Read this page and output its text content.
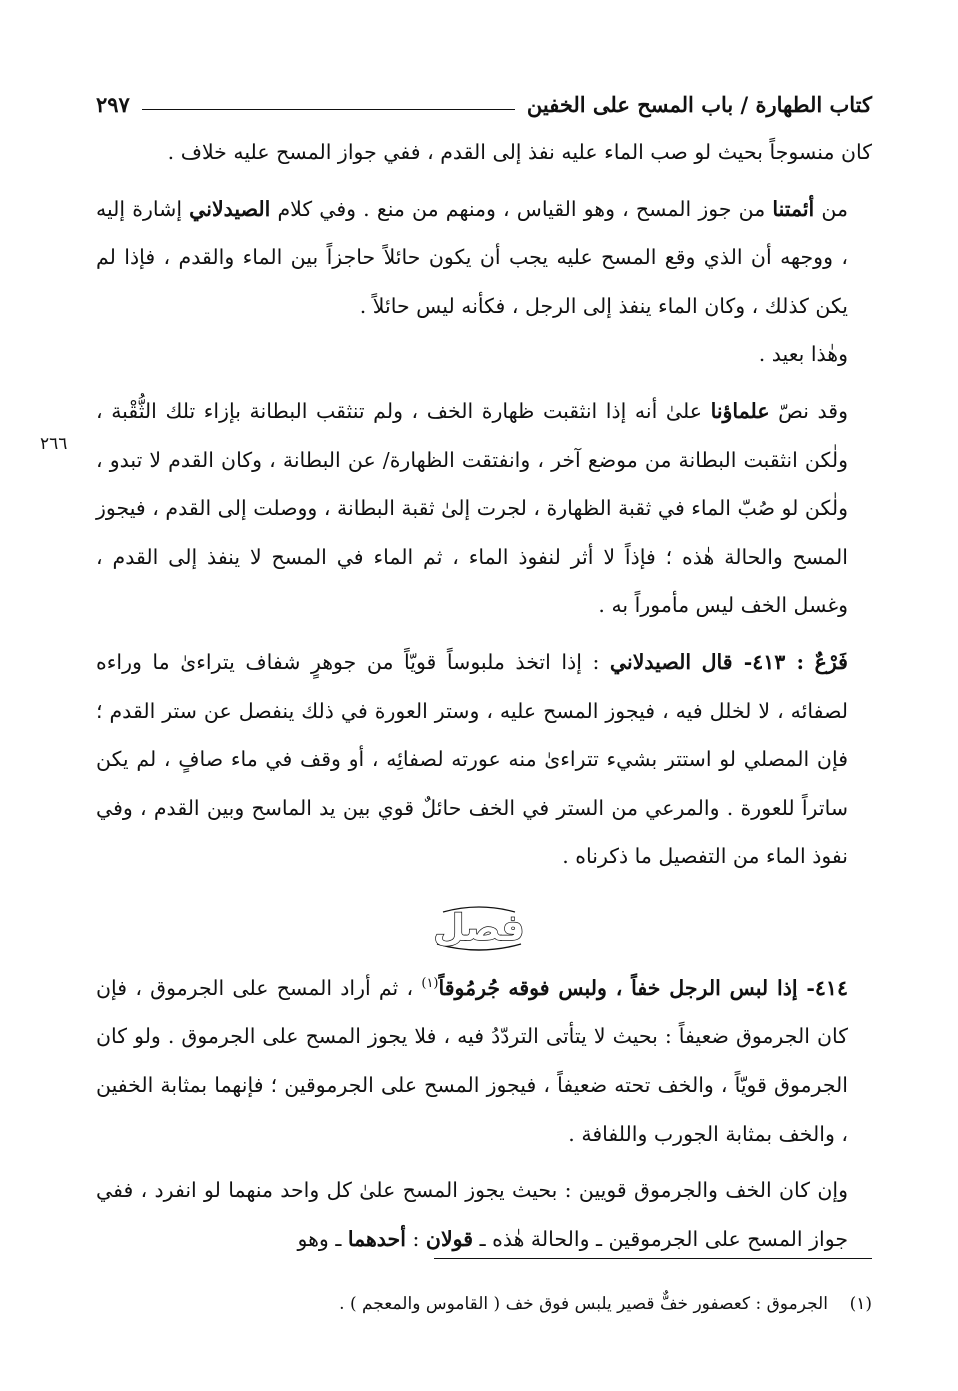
كتاب الطهارة / باب المسح على الخفين
٢٩٧
٢٦٦

كان منسوجاً بحيث لو صب الماء عليه نفذ إلى القدم ، ففي جواز المسح عليه خلاف .

من أئمتنا من جوز المسح ، وهو القياس ، ومنهم من منع . وفي كلام الصيدلاني إشارة إليه ، ووجهه أن الذي وقع المسح عليه يجب أن يكون حائلاً حاجزاً بين الماء والقدم ، فإذا لم يكن كذلك ، وكان الماء ينفذ إلى الرجل ، فكأنه ليس حائلاً .

وهٰذا بعيد .

وقد نصّ علماؤنا علىٰ أنه إذا انثقبت ظهارة الخف ، ولم تنثقب البطانة بإزاء تلك الثُّقْبة ، ولٰكن انثقبت البطانة من موضع آخر ، وانفتقت الظهارة/ عن البطانة ، وكان القدم لا تبدو ، ولٰكن لو صُبّ الماء في ثقبة الظهارة ، لجرت إلىٰ ثقبة البطانة ، ووصلت إلى القدم ، فيجوز المسح والحالة هٰذه ؛ فإذاً لا أثر لنفوذ الماء ، ثم الماء في المسح لا ينفذ إلى القدم ، وغسل الخف ليس مأموراً به .

فَرْعٌ : ٤١٣- قال الصيدلاني : إذا اتخذ ملبوساً قويّاً من جوهرٍ شفاف يتراءىٰ ما وراءه لصفائه ، لا لخلل فيه ، فيجوز المسح عليه ، وستر العورة في ذلك ينفصل عن ستر القدم ؛ فإن المصلي لو استتر بشيء تتراءىٰ منه عورته لصفائِه ، أو وقف في ماء صافٍ ، لم يكن ساتراً للعورة . والمرعي من الستر في الخف حائلٌ قوي بين يد الماسح وبين القدم ، وفي نفوذ الماء من التفصيل ما ذكرناه .

فصل

٤١٤- إذا لبس الرجل خفاً ، ولبس فوقه جُرمُوقاً$^{(١)}$ ، ثم أراد المسح على الجرموق ، فإن كان الجرموق ضعيفاً : بحيث لا يتأتى التردّدُ فيه ، فلا يجوز المسح على الجرموق . ولو كان الجرموق قويّاً ، والخف تحته ضعيفاً ، فيجوز المسح على الجرموقين ؛ فإنهما بمثابة الخفين ، والخف بمثابة الجورب واللفافة .

وإن كان الخف والجرموق قويين : بحيث يجوز المسح علىٰ كل واحد منهما لو انفرد ، ففي جواز المسح على الجرموقين ـ والحالة هٰذه ـ قولان : أحدهما ـ وهو

(١)    الجرموق : كعصفور خفٌّ قصير يلبس فوق خف ( القاموس والمعجم ) .
